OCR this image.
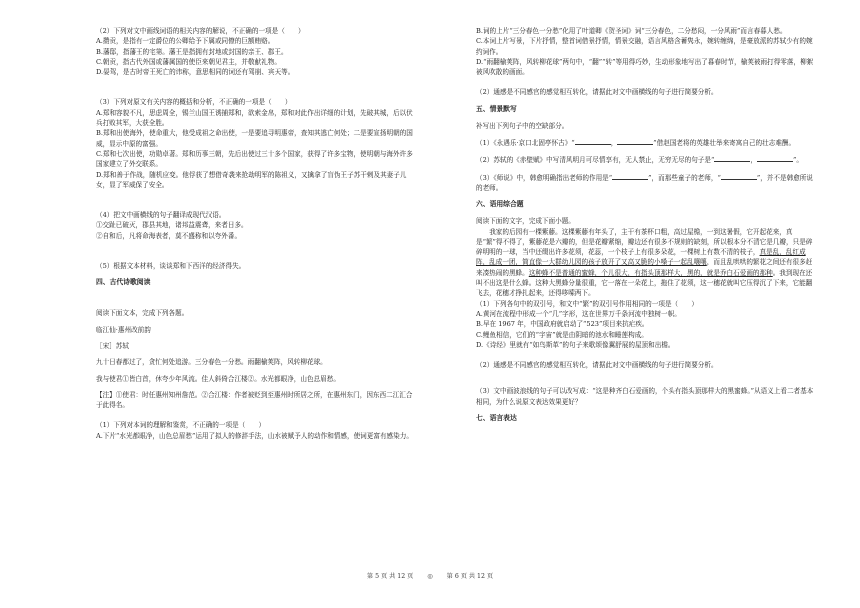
（2）下列对文中画线词语的相关内容的解说，不正确的一项是（　　）
A.攒贡，是指有一定爵位的公卿给予下属或同僚的巨额贿赂。
B.藩邸，指藩王的宅第。藩王是指拥有封地或封国的亲王、郡王。
C.朝贡，指古代外国或藩属国的使臣来朝见君主，并敬献礼物。
D.晏驾，是古时帝王死亡的讳称，意思相同的词还有驾崩、宾天等。
（3）下列对原文有关内容的概括和分析，不正确的一项是（　　）
A.郑和容貌不凡，思虑周全，锡兰山国王诱捕郑和，欲索金帛，郑和对此作出详细的计划，先破其城，后以伏兵打败其军，大获全胜。
B.郑和出使海外，使命重大，他受成祖之命出使，一是要追寻明惠帝，查知其逃亡何处；二是要宣扬明朝的国威，显示中原的富强。
C.郑和七次出使，功勋卓著。郑和历事三朝，先后出使过三十多个国家，获得了许多宝物，使明朝与海外许多国家建立了外交联系。
D.郑和善于作战，随机应变。他俘获了想借奇袭来抢劫明军的陈祖义，又擒拿了盲伪王子苏干剌及其妻子儿女，显了军威保了安全。
（4）把文中画横线的句子翻译成现代汉语。
①交趾已破灭，郡县其地，诸邦益震聋，来者日多。
②自和后，凡将命海表者，莫不盛称和以夸外番。
（5）根据文本材料，谈谈郑和下西洋的经济得失。
四、古代诗歌阅读
阅读下面文本，完成下列各题。
临江仙·惠州改前韵
［宋］苏轼
九十日春都过了，贪忙何处追游。三分春色一分愁。雨翻榆荚阵，风转柳花球。
我与使君①皆白首，休夸少年风流。佳人斜倚合江楼②。水光都眼净，山色总眉愁。
【注】①使君：时任惠州知州詹范。②合江楼：作者被贬到至惠州时所居之所，在惠州东门，因东西二江汇合于此得名。
（1）下列对本词的理解和鉴赏，不正确的一项是（　　）
A.下片“水光都眼净，山色总眉愁”运用了拟人的修辞手法，山水被赋予人的动作和情感，使词更富有感染力。
B.词的上片“三分春色一分愁”化用了叶道卿《贺圣词》词“三分春色，二分愁闷，一分风雨”而言春暮人愁。
C.本词上片写景，下片抒情，整首词借景抒情，情景交融，语言风格含蓄隽永，婉转缠绵，是豪放派的苏轼少有的婉约词作。
D.“雨翻榆荚阵，风转柳花球”两句中，“翻”“转”等用得巧妙，生动形象地写出了暮春时节，榆荚被雨打得零落，柳絮被风吹散的画面。
（2）通感是不同感官的感觉相互转化，请据此对文中画横线的句子进行简要分析。
五、情景默写
补写出下列句子中的空缺部分。
（1）《永遇乐·京口北固亭怀古》“	，	”借赵国老将的英雄壮举来寄寓自己的壮志难酬。
（2）苏轼的《赤壁赋》中写清风明月可尽情享有，无人禁止，无穷无尽的句子是“	，	”。
（3）《师说》中，韩愈明确指出老师的作用是“	”，而那些童子的老师，“	”，并不是韩愈所说的老师。
六、语用综合题
阅读下面的文字，完成下面小题。
我家的后园有一棵紫藤。这棵紫藤有年头了，主干有茶杯口粗，高过屋檐，一到这暑假，它开起花来，真是“繁”得不得了，紫藤花是六瓣的，但是花瓣紧缩，瓣边还有很多不规则的缺刻，所以根本分不清它是几瓣，只是碎碎明明的一球，当中还缀出许多花须，花蕊，一个枝子上有很多朵花，一棵树上有数不清的枝子，真是乱，乱红成阵，乱成一团，简直像一大群幼儿园的孩子放开了又高又脆的小嗓子一起乱嚷嚷，而且乱哄哄的繁花之间还有很多赶来凑热闹的黑蜂。这种蜂不是普通的蜜蜂，个儿很大，有指头顶那样大，黑的，就是乔白石爱画的那种。我到现在还叫不出这是什么蜂。这种大黑蜂分量很重，它一落在一朵花上，拖住了花须，这一穗花就叫它压得沉了下来，它能翻飞去，花穗才挣扎起来，还得哆嗦两下。
（1）下列各句中的双引号，和文中“繁”的双引号作用相同的一项是（　　）
A.黄河在流程中形成一个“几”字形，这在世界万千条河流中独树一帜。
B.早在 1967 年，中国政府就启动了“523”项目来抗疟疾。
C.鲤鱼相信，它们的“宇宙”就是由阴暗的池水和睡莲构成。
D.《诗经》里就有“如鸟斯革”的句子来歌颂像翼舒展的屋顶和出檐。
（2）通感是不同感官的感觉相互转化，请据此对文中画横线的句子进行简要分析。
（3）文中画波浪线的句子可以改写成：“这是种齐白石爱画的，个头有指头顶那样大的黑蜜蜂。”从语义上看二者基本相同，为什么说原文表达效果更好？
七、语言表达
第 5 页 共 12 页 ◎ 第 6 页 共 12 页
